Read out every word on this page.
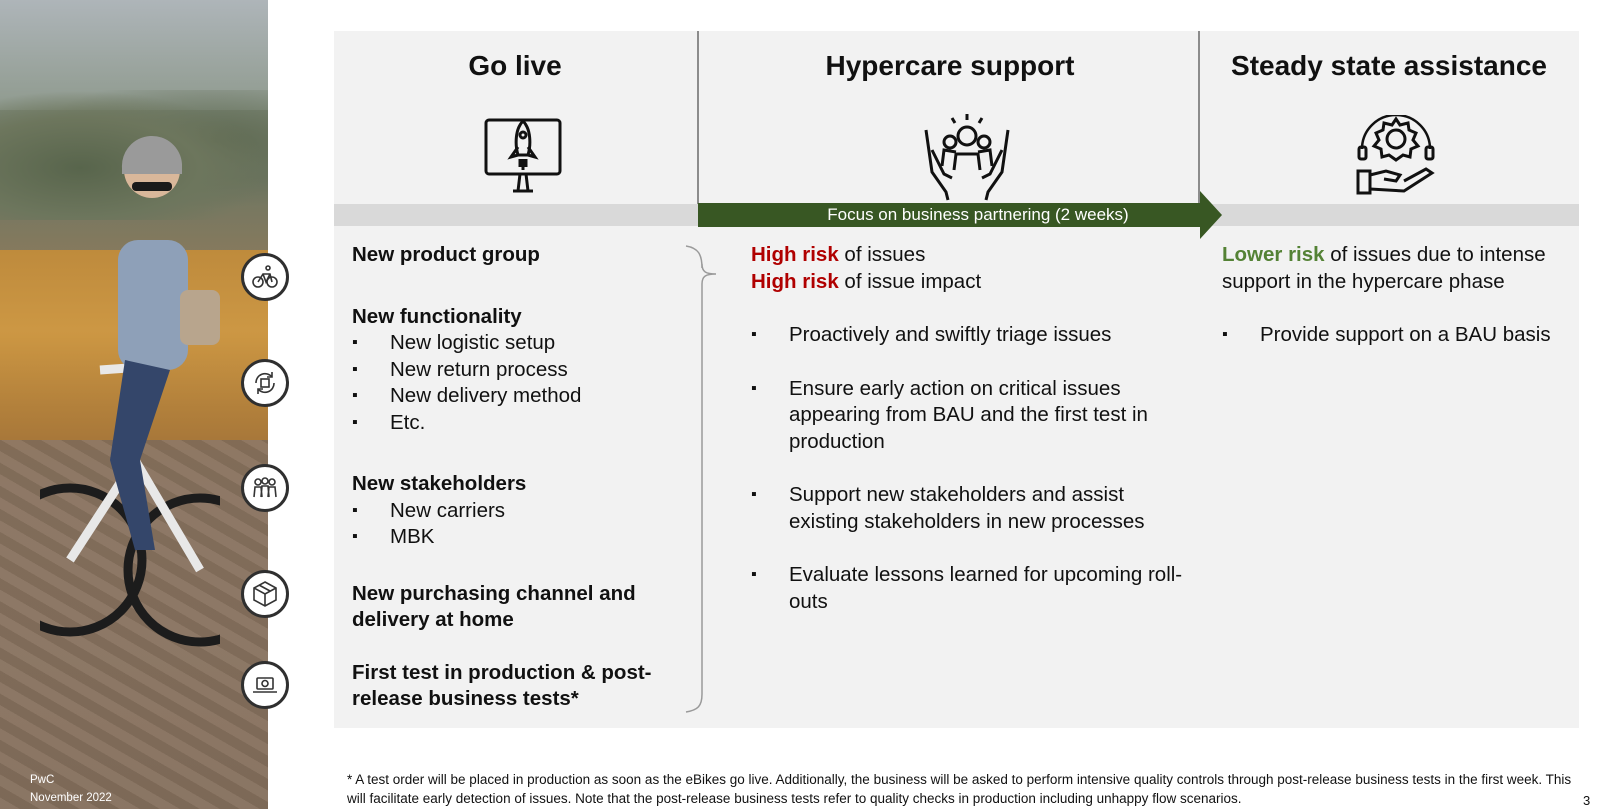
PwC
November 2022
Go live	Hypercare support	Steady state assistance
Focus on business partnering (2 weeks)
New product group
New functionality
▪ New logistic setup
▪ New return process
▪ New delivery method
▪ Etc.
New stakeholders
▪ New carriers
▪ MBK
New purchasing channel and delivery at home
First test in production & post-release business tests*
High risk of issues
High risk of issue impact
▪ Proactively and swiftly triage issues
▪ Ensure early action on critical issues appearing from BAU and the first test in production
▪ Support new stakeholders and assist existing stakeholders in new processes
▪ Evaluate lessons learned for upcoming roll-outs
Lower risk of issues due to intense support in the hypercare phase
▪ Provide support on a BAU basis
* A test order will be placed in production as soon as the eBikes go live. Additionally, the business will be asked to perform intensive quality controls through post-release business tests in the first week. This will facilitate early detection of issues. Note that the post-release business tests refer to quality checks in production including unhappy flow scenarios.	3
